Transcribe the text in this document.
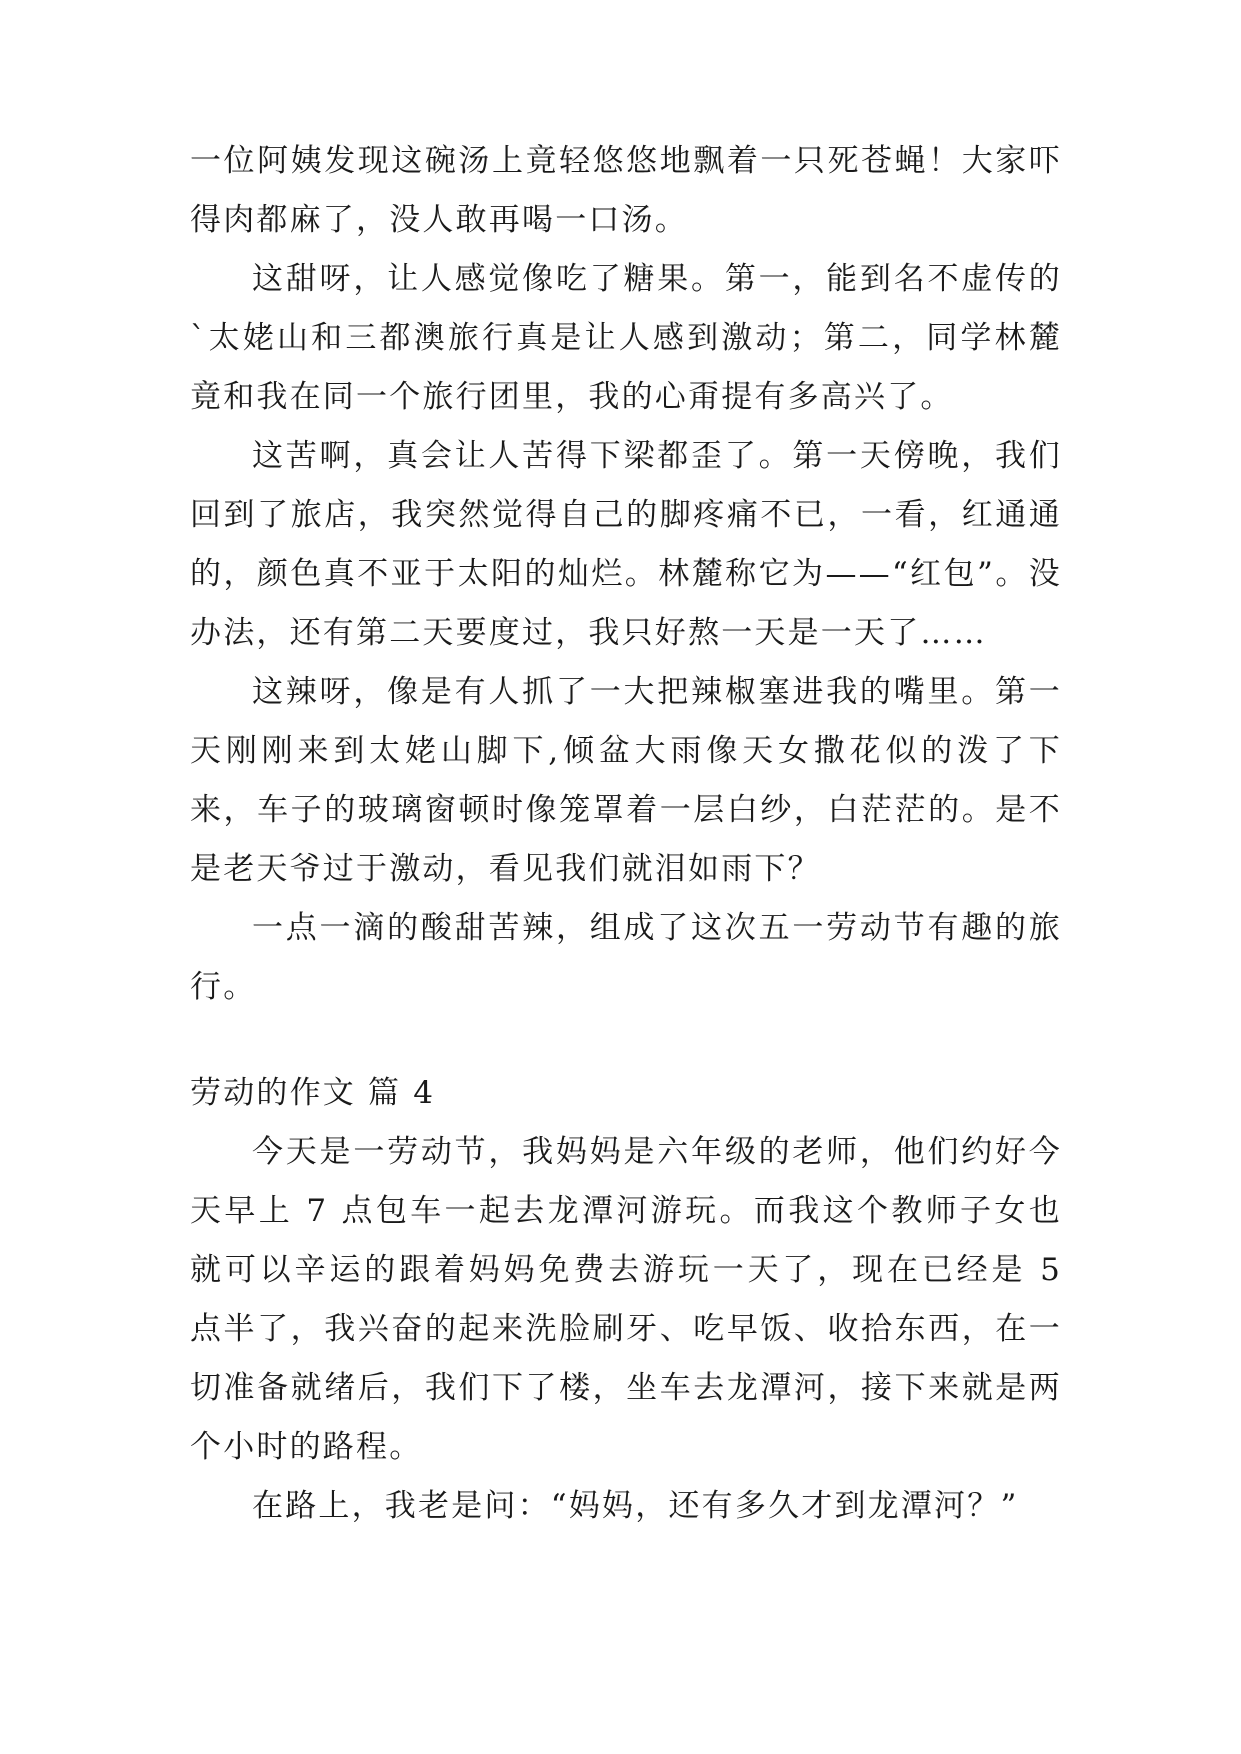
一位阿姨发现这碗汤上竟轻悠悠地飘着一只死苍蝇！大家吓得肉都麻了，没人敢再喝一口汤。

这甜呀，让人感觉像吃了糖果。第一，能到名不虚传的`太姥山和三都澳旅行真是让人感到激动；第二，同学林麓竟和我在同一个旅行团里，我的心甭提有多高兴了。

这苦啊，真会让人苦得下梁都歪了。第一天傍晚，我们回到了旅店，我突然觉得自己的脚疼痛不已，一看，红通通的，颜色真不亚于太阳的灿烂。林麓称它为——“红包”。没办法，还有第二天要度过，我只好熬一天是一天了……

这辣呀，像是有人抓了一大把辣椒塞进我的嘴里。第一天刚刚来到太姥山脚下,倾盆大雨像天女撒花似的泼了下来，车子的玻璃窗顿时像笼罩着一层白纱，白茫茫的。是不是老天爷过于激动，看见我们就泪如雨下？

一点一滴的酸甜苦辣，组成了这次五一劳动节有趣的旅行。

劳动的作文 篇 4

今天是一劳动节，我妈妈是六年级的老师，他们约好今天早上 7 点包车一起去龙潭河游玩。而我这个教师子女也就可以辛运的跟着妈妈免费去游玩一天了，现在已经是 5 点半了，我兴奋的起来洗脸刷牙、吃早饭、收拾东西，在一切准备就绪后，我们下了楼，坐车去龙潭河，接下来就是两个小时的路程。

在路上，我老是问：“妈妈，还有多久才到龙潭河？”
